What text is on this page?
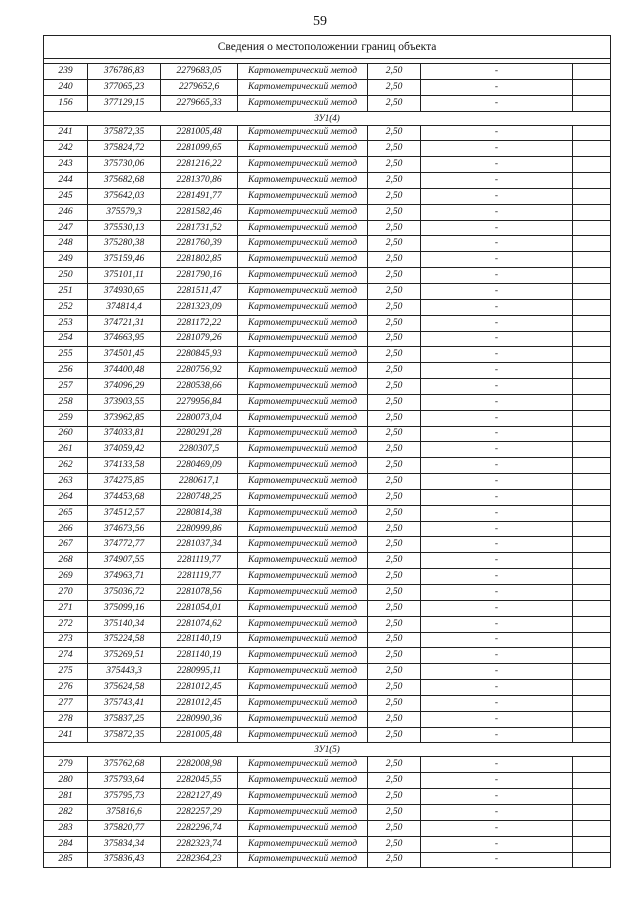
59
Сведения о местоположении границ объекта						

239	376786,83	2279683,05	Картометрический метод	2,50	-	
240	377065,23	2279652,6	Картометрический метод	2,50	-	
156	377129,15	2279665,33	Картометрический метод	2,50	-	
ЗУ1(4)						
241	375872,35	2281005,48	Картометрический метод	2,50	-	
242	375824,72	2281099,65	Картометрический метод	2,50	-	
243	375730,06	2281216,22	Картометрический метод	2,50	-	
244	375682,68	2281370,86	Картометрический метод	2,50	-	
245	375642,03	2281491,77	Картометрический метод	2,50	-	
246	375579,3	2281582,46	Картометрический метод	2,50	-	
247	375530,13	2281731,52	Картометрический метод	2,50	-	
248	375280,38	2281760,39	Картометрический метод	2,50	-	
249	375159,46	2281802,85	Картометрический метод	2,50	-	
250	375101,11	2281790,16	Картометрический метод	2,50	-	
251	374930,65	2281511,47	Картометрический метод	2,50	-	
252	374814,4	2281323,09	Картометрический метод	2,50	-	
253	374721,31	2281172,22	Картометрический метод	2,50	-	
254	374663,95	2281079,26	Картометрический метод	2,50	-	
255	374501,45	2280845,93	Картометрический метод	2,50	-	
256	374400,48	2280756,92	Картометрический метод	2,50	-	
257	374096,29	2280538,66	Картометрический метод	2,50	-	
258	373903,55	2279956,84	Картометрический метод	2,50	-	
259	373962,85	2280073,04	Картометрический метод	2,50	-	
260	374033,81	2280291,28	Картометрический метод	2,50	-	
261	374059,42	2280307,5	Картометрический метод	2,50	-	
262	374133,58	2280469,09	Картометрический метод	2,50	-	
263	374275,85	2280617,1	Картометрический метод	2,50	-	
264	374453,68	2280748,25	Картометрический метод	2,50	-	
265	374512,57	2280814,38	Картометрический метод	2,50	-	
266	374673,56	2280999,86	Картометрический метод	2,50	-	
267	374772,77	2281037,34	Картометрический метод	2,50	-	
268	374907,55	2281119,77	Картометрический метод	2,50	-	
269	374963,71	2281119,77	Картометрический метод	2,50	-	
270	375036,72	2281078,56	Картометрический метод	2,50	-	
271	375099,16	2281054,01	Картометрический метод	2,50	-	
272	375140,34	2281074,62	Картометрический метод	2,50	-	
273	375224,58	2281140,19	Картометрический метод	2,50	-	
274	375269,51	2281140,19	Картометрический метод	2,50	-	
275	375443,3	2280995,11	Картометрический метод	2,50	-	
276	375624,58	2281012,45	Картометрический метод	2,50	-	
277	375743,41	2281012,45	Картометрический метод	2,50	-	
278	375837,25	2280990,36	Картометрический метод	2,50	-	
241	375872,35	2281005,48	Картометрический метод	2,50	-	
ЗУ1(5)						
279	375762,68	2282008,98	Картометрический метод	2,50	-	
280	375793,64	2282045,55	Картометрический метод	2,50	-	
281	375795,73	2282127,49	Картометрический метод	2,50	-	
282	375816,6	2282257,29	Картометрический метод	2,50	-	
283	375820,77	2282296,74	Картометрический метод	2,50	-	
284	375834,34	2282323,74	Картометрический метод	2,50	-	
285	375836,43	2282364,23	Картометрический метод	2,50	-	
